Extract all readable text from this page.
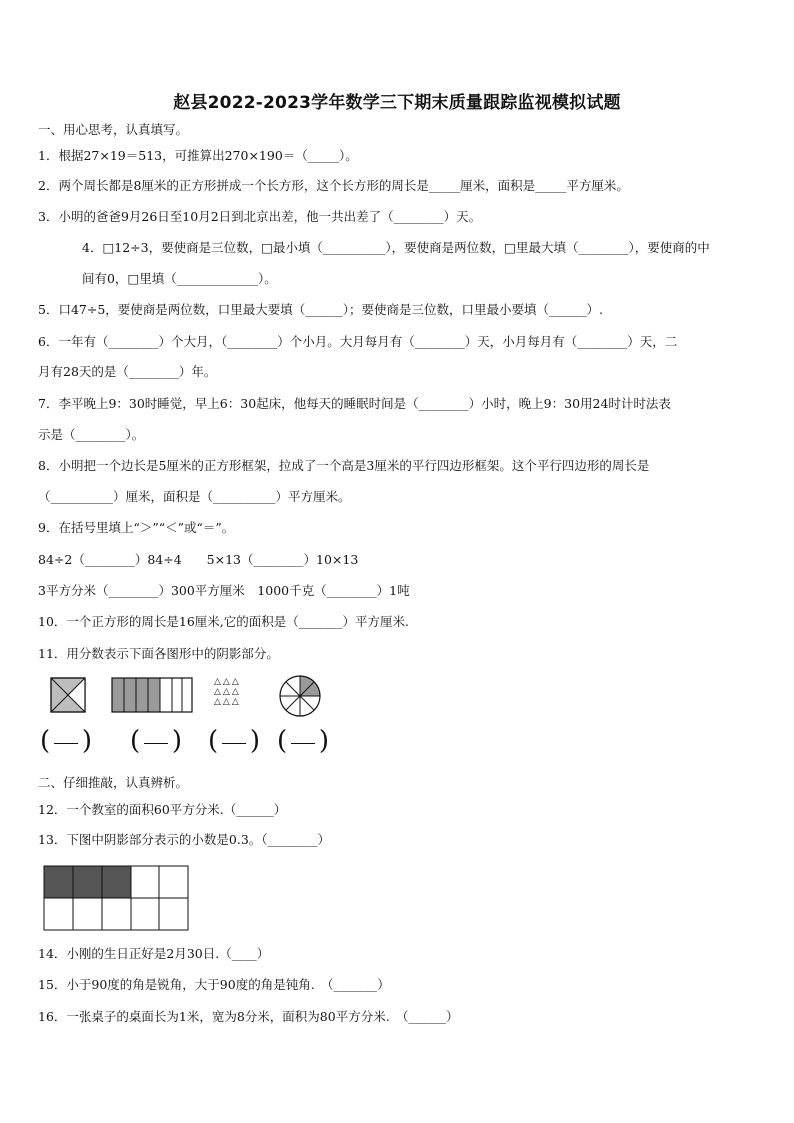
赵县2022-2023学年数学三下期末质量跟踪监视模拟试题
一、用心思考，认真填写。
1．根据27×19＝513，可推算出270×190＝（_____）。
2．两个周长都是8厘米的正方形拼成一个长方形，这个长方形的周长是_____厘米，面积是_____平方厘米。
3．小明的爸爸9月26日至10月2日到北京出差，他一共出差了（________）天。
4．□12÷3，要使商是三位数，□最小填（__________），要使商是两位数，□里最大填（________），要使商的中
间有0，□里填（_____________）。
5．口47÷5，要使商是两位数，口里最大要填（______）；要使商是三位数，口里最小要填（______）.
6．一年有（________）个大月，（________）个小月。大月每月有（________）天，小月每月有（________）天，二
月有28天的是（________）年。
7．李平晚上9：30时睡觉，早上6：30起床，他每天的睡眠时间是（________）小时，晚上9：30用24时计时法表
示是（________）。
8．小明把一个边长是5厘米的正方形框架，拉成了一个高是3厘米的平行四边形框架。这个平行四边形的周长是
（__________）厘米，面积是（__________）平方厘米。
9．在括号里填上“＞”“＜”或“＝”。
84÷2（________）84÷4　　5×13（________）10×13
3平方分米（________）300平方厘米　1000千克（________）1吨
10．一个正方形的周长是16厘米,它的面积是（_______）平方厘米.
11．用分数表示下面各图形中的阴影部分。
△△△
△△△
△△△
( ) ( ) ( ) ( )
二、仔细推敲，认真辨析。
12．一个教室的面积60平方分米.（______）
13．下图中阴影部分表示的小数是0.3。（________）
14．小刚的生日正好是2月30日.（____）
15．小于90度的角是锐角，大于90度的角是钝角.　（_______）
16．一张桌子的桌面长为1米，宽为8分米，面积为80平方分米.　（______）
